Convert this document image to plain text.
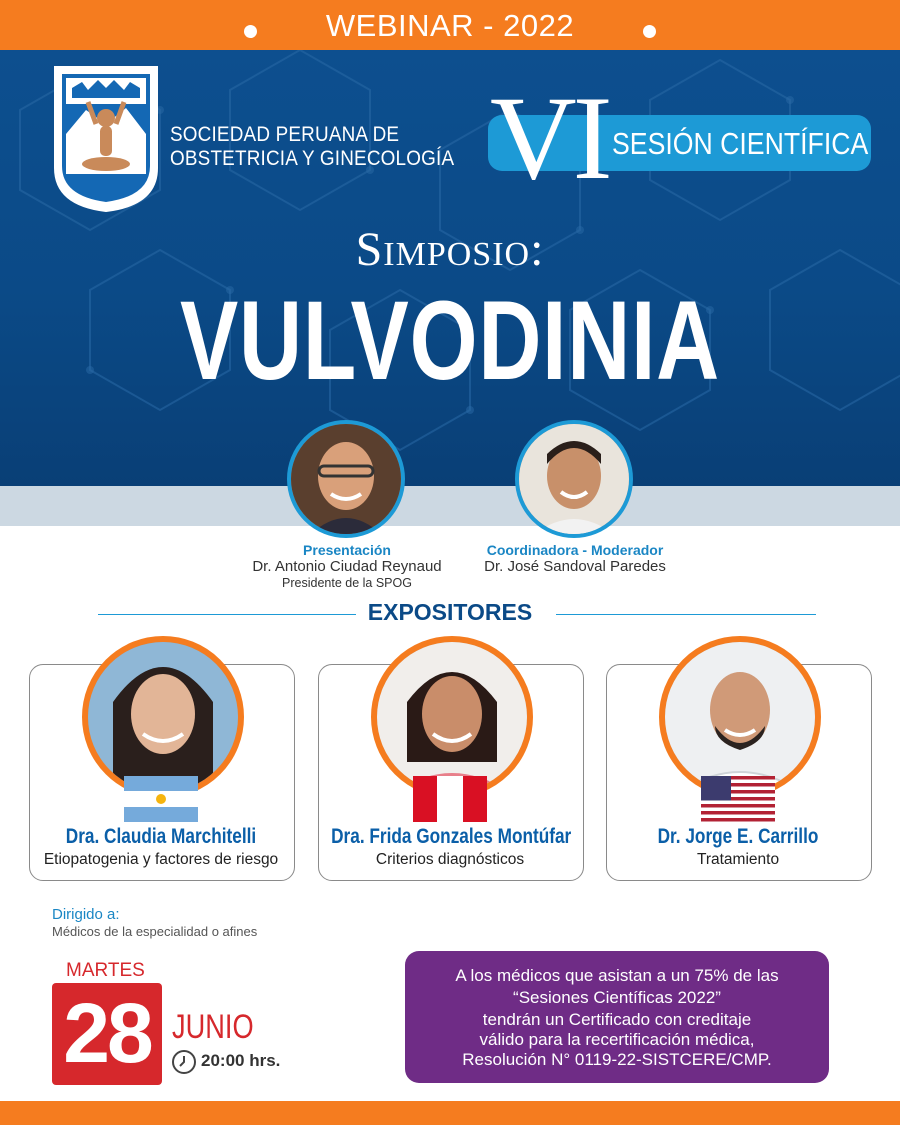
WEBINAR - 2022
SOCIEDAD PERUANA DE
OBSTETRICIA Y GINECOLOGÍA VI SESIÓN CIENTÍFICA
Simposio:
VULVODINIA
Presentación
Dr. Antonio Ciudad Reynaud
Presidente de la SPOG
Coordinadora - Moderador
Dr. José Sandoval Paredes
EXPOSITORES
Dra. Claudia Marchitelli
Etiopatogenia y factores de riesgo
Dra. Frida Gonzales Montúfar
Criterios diagnósticos
Dr. Jorge E. Carrillo
Tratamiento
Dirigido a:
Médicos de la especialidad o afines
MARTES
28 JUNIO
20:00 hrs.
A los médicos que asistan a un 75% de las
“Sesiones Científicas 2022”
tendrán un Certificado con creditaje
válido para la recertificación médica,
Resolución N° 0119-22-SISTCERE/CMP.
